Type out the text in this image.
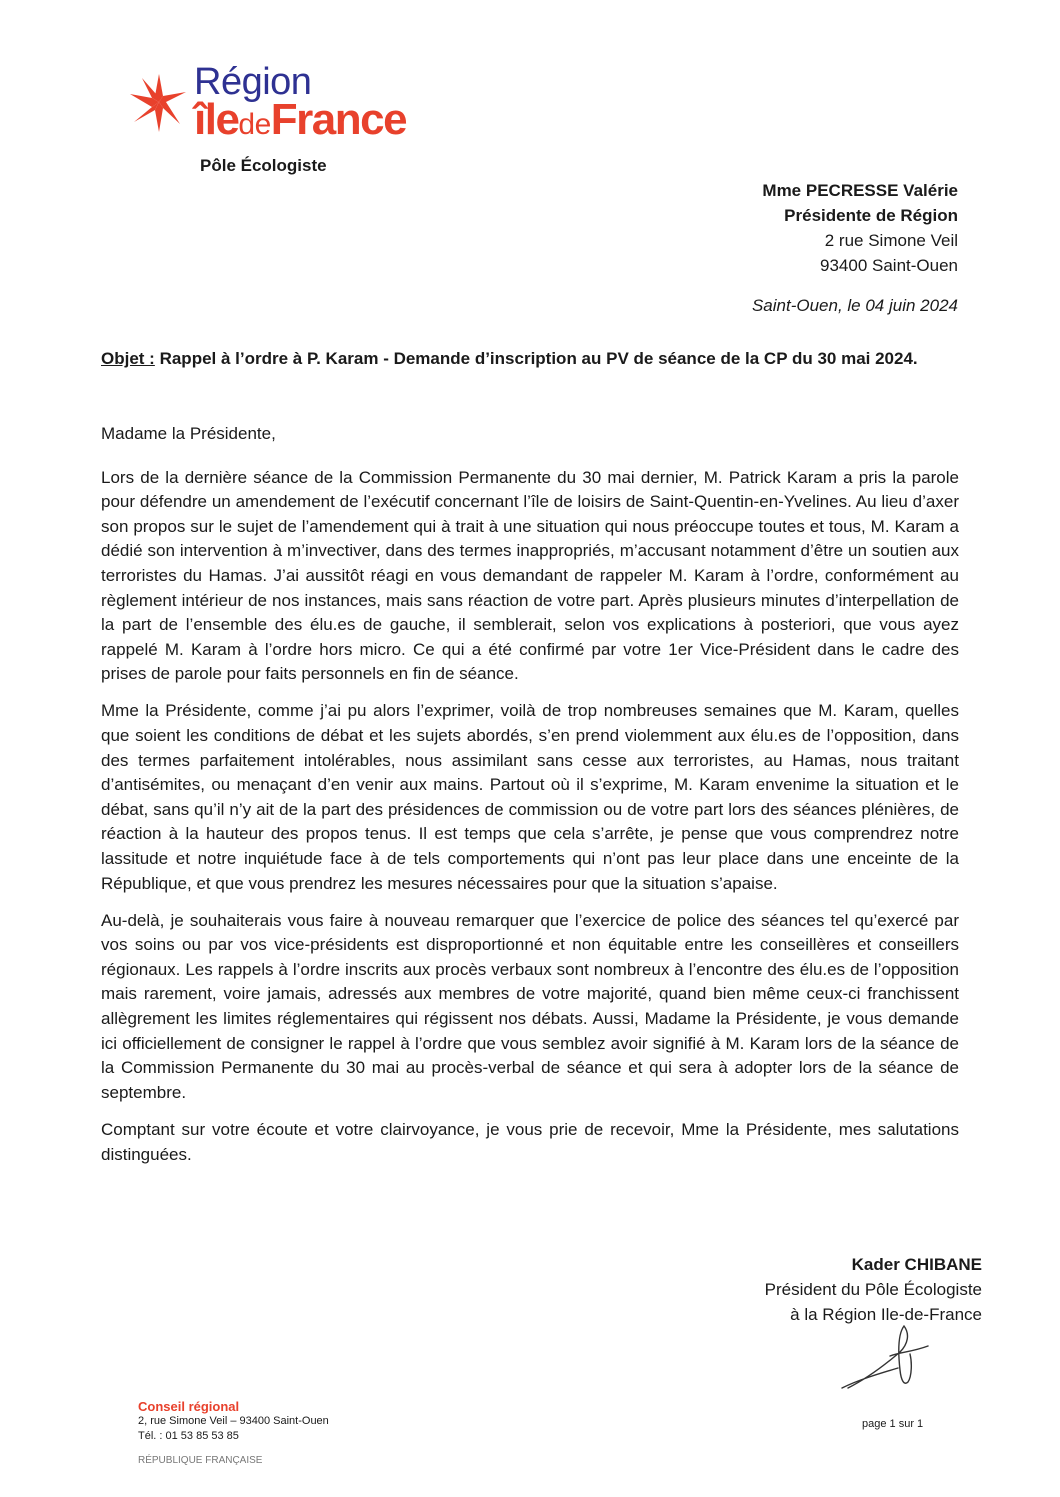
Région
îledeFrance
Pôle Écologiste
Mme PECRESSE Valérie
Présidente de Région
2 rue Simone Veil
93400 Saint-Ouen
Saint-Ouen, le 04 juin 2024
Objet : Rappel à l’ordre à P. Karam - Demande d’inscription au PV de séance de la CP du 30 mai 2024.

Madame la Présidente,

Lors de la dernière séance de la Commission Permanente du 30 mai dernier, M. Patrick Karam a pris la parole pour défendre un amendement de l’exécutif concernant l’île de loisirs de Saint-Quentin-en-Yvelines. Au lieu d’axer son propos sur le sujet de l’amendement qui à trait à une situation qui nous préoccupe toutes et tous, M. Karam a dédié son intervention à m’invectiver, dans des termes inappropriés, m’accusant notamment d’être un soutien aux terroristes du Hamas. J’ai aussitôt réagi en vous demandant de rappeler M. Karam à l’ordre, conformément au règlement intérieur de nos instances, mais sans réaction de votre part. Après plusieurs minutes d’interpellation de la part de l’ensemble des élu.es de gauche, il semblerait, selon vos explications à posteriori, que vous ayez rappelé M. Karam à l’ordre hors micro. Ce qui a été confirmé par votre 1er Vice-Président dans le cadre des prises de parole pour faits personnels en fin de séance.

Mme la Présidente, comme j’ai pu alors l’exprimer, voilà de trop nombreuses semaines que M. Karam, quelles que soient les conditions de débat et les sujets abordés, s’en prend violemment aux élu.es de l’opposition, dans des termes parfaitement intolérables, nous assimilant sans cesse aux terroristes, au Hamas, nous traitant d’antisémites, ou menaçant d’en venir aux mains. Partout où il s’exprime, M. Karam envenime la situation et le débat, sans qu’il n’y ait de la part des présidences de commission ou de votre part lors des séances plénières, de réaction à la hauteur des propos tenus. Il est temps que cela s’arrête, je pense que vous comprendrez notre lassitude et notre inquiétude face à de tels comportements qui n’ont pas leur place dans une enceinte de la République, et que vous prendrez les mesures nécessaires pour que la situation s’apaise.

Au-delà, je souhaiterais vous faire à nouveau remarquer que l’exercice de police des séances tel qu’exercé par vos soins ou par vos vice-présidents est disproportionné et non équitable entre les conseillères et conseillers régionaux. Les rappels à l’ordre inscrits aux procès verbaux sont nombreux à l’encontre des élu.es de l’opposition mais rarement, voire jamais, adressés aux membres de votre majorité, quand bien même ceux-ci franchissent allègrement les limites réglementaires qui régissent nos débats. Aussi, Madame la Présidente, je vous demande ici officiellement de consigner le rappel à l’ordre que vous semblez avoir signifié à M. Karam lors de la séance de la Commission Permanente du 30 mai au procès-verbal de séance et qui sera à adopter lors de la séance de septembre.

Comptant sur votre écoute et votre clairvoyance, je vous prie de recevoir, Mme la Présidente, mes salutations distinguées.

Kader CHIBANE
Président du Pôle Écologiste
à la Région Ile-de-France
Conseil régional
2, rue Simone Veil – 93400 Saint-Ouen
Tél. : 01 53 85 53 85
RÉPUBLIQUE FRANÇAISE
page 1 sur 1
